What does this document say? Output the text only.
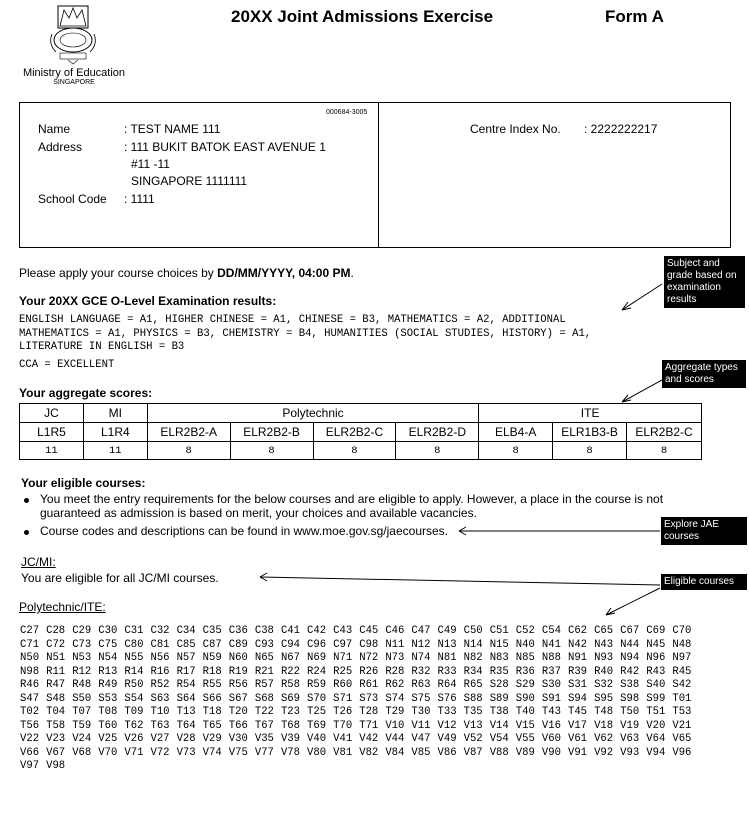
Ministry of Education
SINGAPORE
20XX Joint Admissions Exercise	Form A
000684-3005
Name	: TEST NAME 111
Address	: 111 BUKIT BATOK EAST AVENUE 1
#11 -11
SINGAPORE 1111111
School Code : 1111
Centre Index No. : 2222222217
Please apply your course choices by DD/MM/YYYY, 04:00 PM.
Your 20XX GCE O-Level Examination results:
ENGLISH LANGUAGE = A1, HIGHER CHINESE = A1, CHINESE = B3, MATHEMATICS = A2, ADDITIONAL
MATHEMATICS = A1, PHYSICS = B3, CHEMISTRY = B4, HUMANITIES (SOCIAL STUDIES, HISTORY) = A1,
LITERATURE IN ENGLISH = B3
CCA = EXCELLENT
Your aggregate scores:
JC	MI	Polytechnic				ITE		
L1R5	L1R4	ELR2B2-A	ELR2B2-B	ELR2B2-C	ELR2B2-D	ELB4-A	ELR1B3-B	ELR2B2-C
11	11	8	8	8	8	8	8	8
Your eligible courses:
You meet the entry requirements for the below courses and are eligible to apply. However, a place in the course is not
guaranteed as admission is based on merit, your choices and available vacancies.
Course codes and descriptions can be found in www.moe.gov.sg/jaecourses.
JC/MI:
You are eligible for all JC/MI courses.
Polytechnic/ITE:
C27 C28 C29 C30 C31 C32 C34 C35 C36 C38 C41 C42 C43 C45 C46 C47 C49 C50 C51 C52 C54 C62 C65 C67 C69 C70
C71 C72 C73 C75 C80 C81 C85 C87 C89 C93 C94 C96 C97 C98 N11 N12 N13 N14 N15 N40 N41 N42 N43 N44 N45 N48
N50 N51 N53 N54 N55 N56 N57 N59 N60 N65 N67 N69 N71 N72 N73 N74 N81 N82 N83 N85 N88 N91 N93 N94 N96 N97
N98 R11 R12 R13 R14 R16 R17 R18 R19 R21 R22 R24 R25 R26 R28 R32 R33 R34 R35 R36 R37 R39 R40 R42 R43 R45
R46 R47 R48 R49 R50 R52 R54 R55 R56 R57 R58 R59 R60 R61 R62 R63 R64 R65 S28 S29 S30 S31 S32 S38 S40 S42
S47 S48 S50 S53 S54 S63 S64 S66 S67 S68 S69 S70 S71 S73 S74 S75 S76 S88 S89 S90 S91 S94 S95 S98 S99 T01
T02 T04 T07 T08 T09 T10 T13 T18 T20 T22 T23 T25 T26 T28 T29 T30 T33 T35 T38 T40 T43 T45 T48 T50 T51 T53
T56 T58 T59 T60 T62 T63 T64 T65 T66 T67 T68 T69 T70 T71 V10 V11 V12 V13 V14 V15 V16 V17 V18 V19 V20 V21
V22 V23 V24 V25 V26 V27 V28 V29 V30 V35 V39 V40 V41 V42 V44 V47 V49 V52 V54 V55 V60 V61 V62 V63 V64 V65
V66 V67 V68 V70 V71 V72 V73 V74 V75 V77 V78 V80 V81 V82 V84 V85 V86 V87 V88 V89 V90 V91 V92 V93 V94 V96
V97 V98
Subject and
grade based on
examination
results
Aggregate types
and scores
Explore JAE
courses
Eligible courses
